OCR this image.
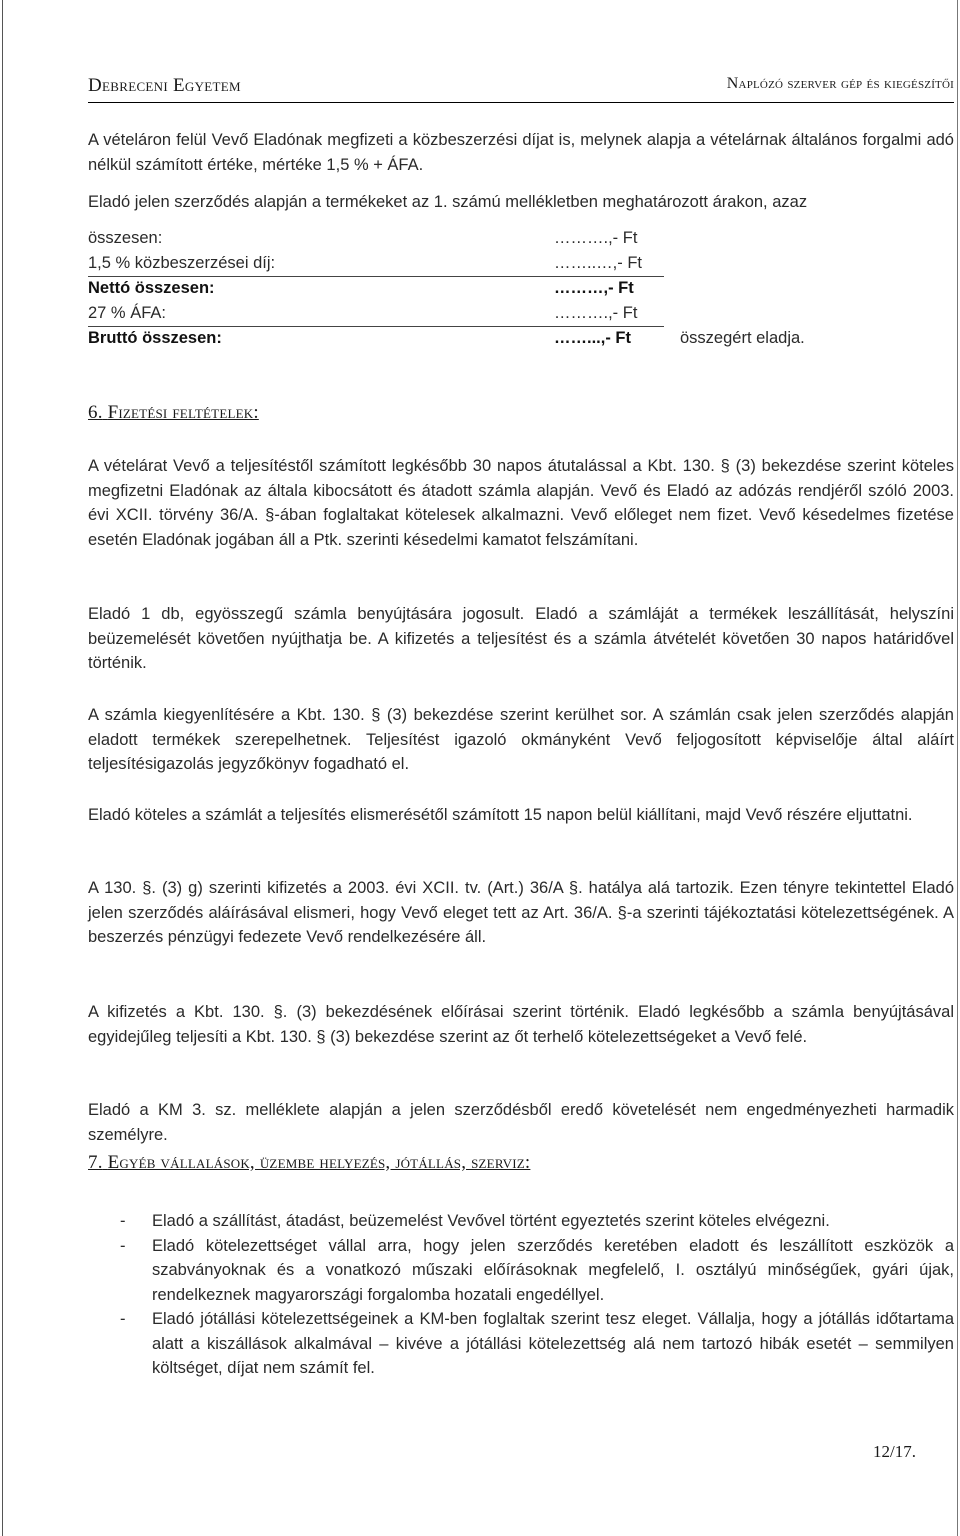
Debreceni Egyetem	Naplózó szerver gép és kiegészítői

A vételáron felül Vevő Eladónak megfizeti a közbeszerzési díjat is, melynek alapja a vételárnak általános forgalmi adó nélkül számított értéke, mértéke 1,5 % + ÁFA.

Eladó jelen szerződés alapján a termékeket az 1. számú mellékletben meghatározott árakon, azaz

összesen:	……….,- Ft
1,5 % közbeszerzései díj:	……..…,- Ft
Nettó összesen:	………,- Ft
27 % ÁFA:	……….,- Ft
Bruttó összesen:	……...,- Ft	összegért eladja.
6. Fizetési feltételek:

A vételárat Vevő a teljesítéstől számított legkésőbb 30 napos átutalással a Kbt. 130. § (3) bekezdése szerint köteles megfizetni Eladónak az általa kibocsátott és átadott számla alapján. Vevő és Eladó az adózás rendjéről szóló 2003. évi XCII. törvény 36/A. §-ában foglaltakat kötelesek alkalmazni. Vevő előleget nem fizet. Vevő késedelmes fizetése esetén Eladónak jogában áll a Ptk. szerinti késedelmi kamatot felszámítani.

Eladó 1 db, egyösszegű számla benyújtására jogosult. Eladó a számláját a termékek leszállítását, helyszíni beüzemelését követően nyújthatja be. A kifizetés a teljesítést és a számla átvételét követően 30 napos határidővel történik.

A számla kiegyenlítésére a Kbt. 130. § (3) bekezdése szerint kerülhet sor. A számlán csak jelen szerződés alapján eladott termékek szerepelhetnek. Teljesítést igazoló okmányként Vevő feljogosított képviselője által aláírt teljesítésigazolás jegyzőkönyv fogadható el.

Eladó köteles a számlát a teljesítés elismerésétől számított 15 napon belül kiállítani, majd Vevő részére eljuttatni.

A 130. §. (3) g) szerinti kifizetés a 2003. évi XCII. tv. (Art.) 36/A §. hatálya alá tartozik. Ezen tényre tekintettel Eladó jelen szerződés aláírásával elismeri, hogy Vevő eleget tett az Art. 36/A. §-a szerinti tájékoztatási kötelezettségének. A beszerzés pénzügyi fedezete Vevő rendelkezésére áll.

A kifizetés a Kbt. 130. §. (3) bekezdésének előírásai szerint történik. Eladó legkésőbb a számla benyújtásával egyidejűleg teljesíti a Kbt. 130. § (3) bekezdése szerint az őt terhelő kötelezettségeket a Vevő felé.

Eladó a KM 3. sz. melléklete alapján a jelen szerződésből eredő követelését nem engedményezheti harmadik személyre.

7. Egyéb vállalások, üzembe helyezés, jótállás, szerviz:
- Eladó a szállítást, átadást, beüzemelést Vevővel történt egyeztetés szerint köteles elvégezni.
- Eladó kötelezettséget vállal arra, hogy jelen szerződés keretében eladott és leszállított eszközök a szabványoknak és a vonatkozó műszaki előírásoknak megfelelő, I. osztályú minőségűek, gyári újak, rendelkeznek magyarországi forgalomba hozatali engedéllyel.
- Eladó jótállási kötelezettségeinek a KM-ben foglaltak szerint tesz eleget. Vállalja, hogy a jótállás időtartama alatt a kiszállások alkalmával – kivéve a jótállási kötelezettség alá nem tartozó hibák esetét – semmilyen költséget, díjat nem számít fel.
12/17.
